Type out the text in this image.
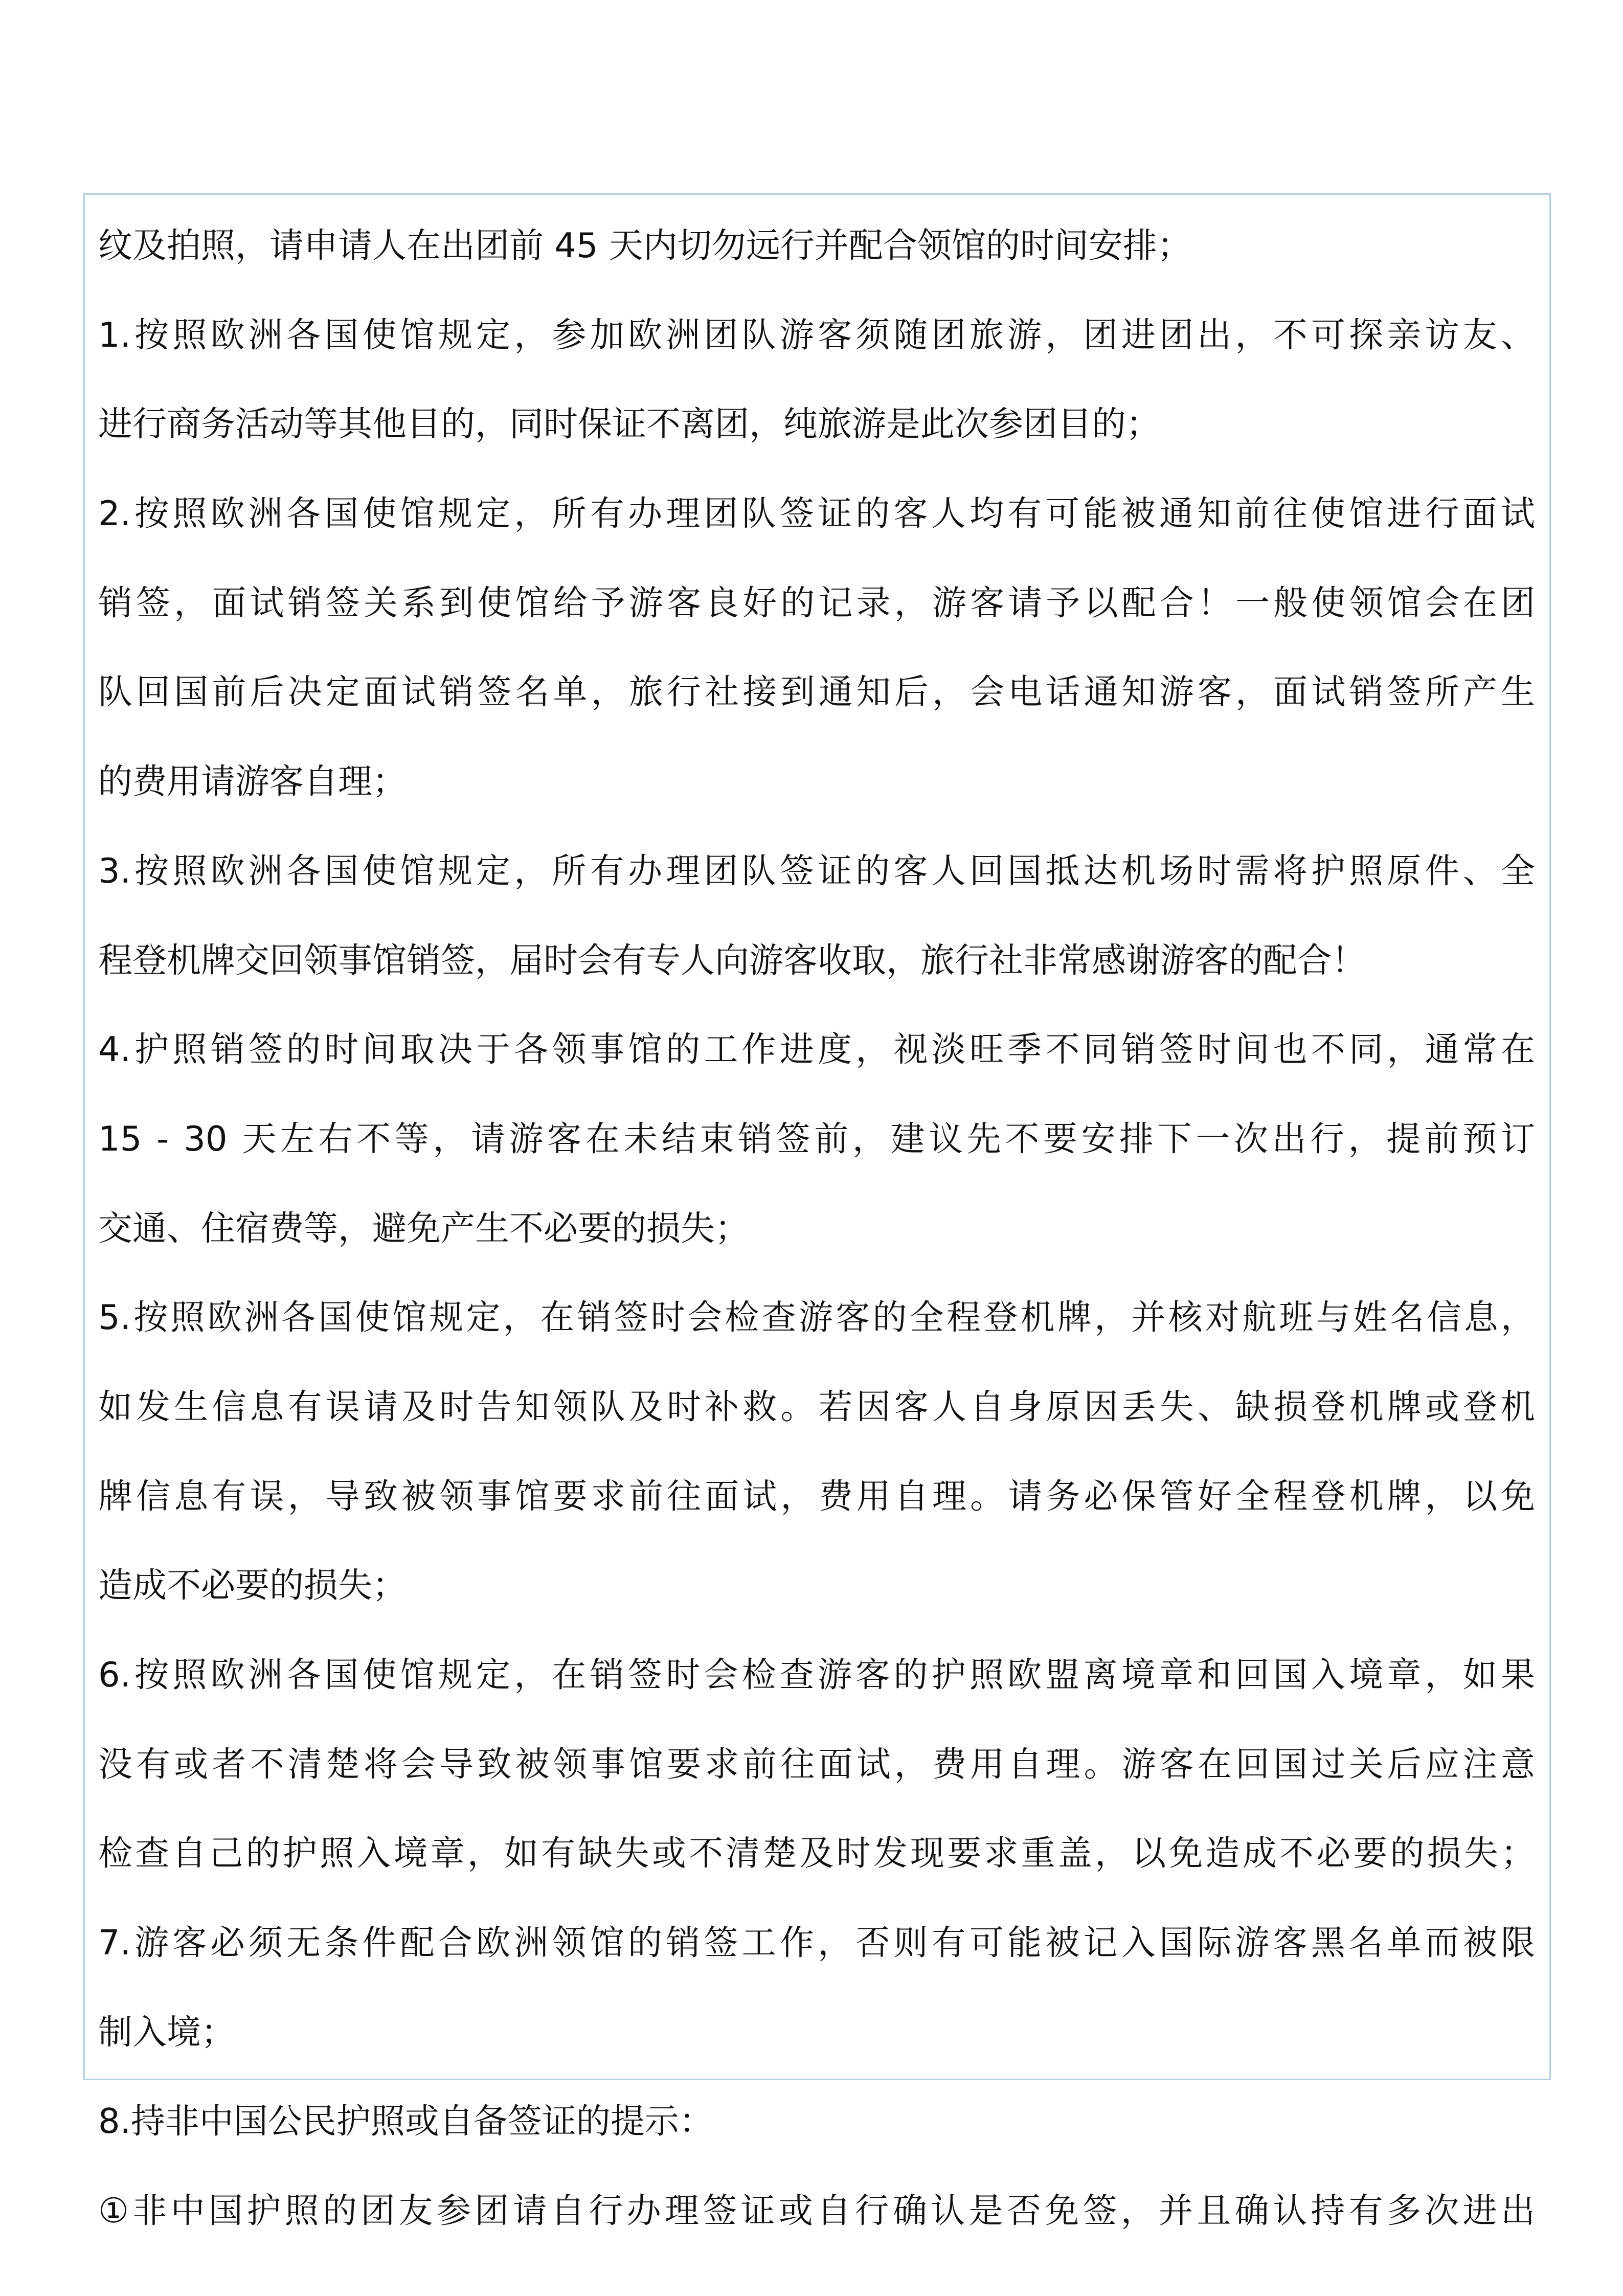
纹及拍照，请申请人在出团前 45 天内切勿远行并配合领馆的时间安排；
1.按照欧洲各国使馆规定，参加欧洲团队游客须随团旅游，团进团出，不可探亲访友、
进行商务活动等其他目的，同时保证不离团，纯旅游是此次参团目的；
2.按照欧洲各国使馆规定，所有办理团队签证的客人均有可能被通知前往使馆进行面试
销签，面试销签关系到使馆给予游客良好的记录，游客请予以配合！一般使领馆会在团
队回国前后决定面试销签名单，旅行社接到通知后，会电话通知游客，面试销签所产生
的费用请游客自理；
3.按照欧洲各国使馆规定，所有办理团队签证的客人回国抵达机场时需将护照原件、全
程登机牌交回领事馆销签，届时会有专人向游客收取，旅行社非常感谢游客的配合！
4.护照销签的时间取决于各领事馆的工作进度，视淡旺季不同销签时间也不同，通常在
15 - 30 天左右不等，请游客在未结束销签前，建议先不要安排下一次出行，提前预订
交通、住宿费等，避免产生不必要的损失；
5.按照欧洲各国使馆规定，在销签时会检查游客的全程登机牌，并核对航班与姓名信息，
如发生信息有误请及时告知领队及时补救。若因客人自身原因丢失、缺损登机牌或登机
牌信息有误，导致被领事馆要求前往面试，费用自理。请务必保管好全程登机牌，以免
造成不必要的损失；
6.按照欧洲各国使馆规定，在销签时会检查游客的护照欧盟离境章和回国入境章，如果
没有或者不清楚将会导致被领事馆要求前往面试，费用自理。游客在回国过关后应注意
检查自己的护照入境章，如有缺失或不清楚及时发现要求重盖，以免造成不必要的损失；
7.游客必须无条件配合欧洲领馆的销签工作，否则有可能被记入国际游客黑名单而被限
制入境；
8.持非中国公民护照或自备签证的提示：
①非中国护照的团友参团请自行办理签证或自行确认是否免签，并且确认持有多次进出
